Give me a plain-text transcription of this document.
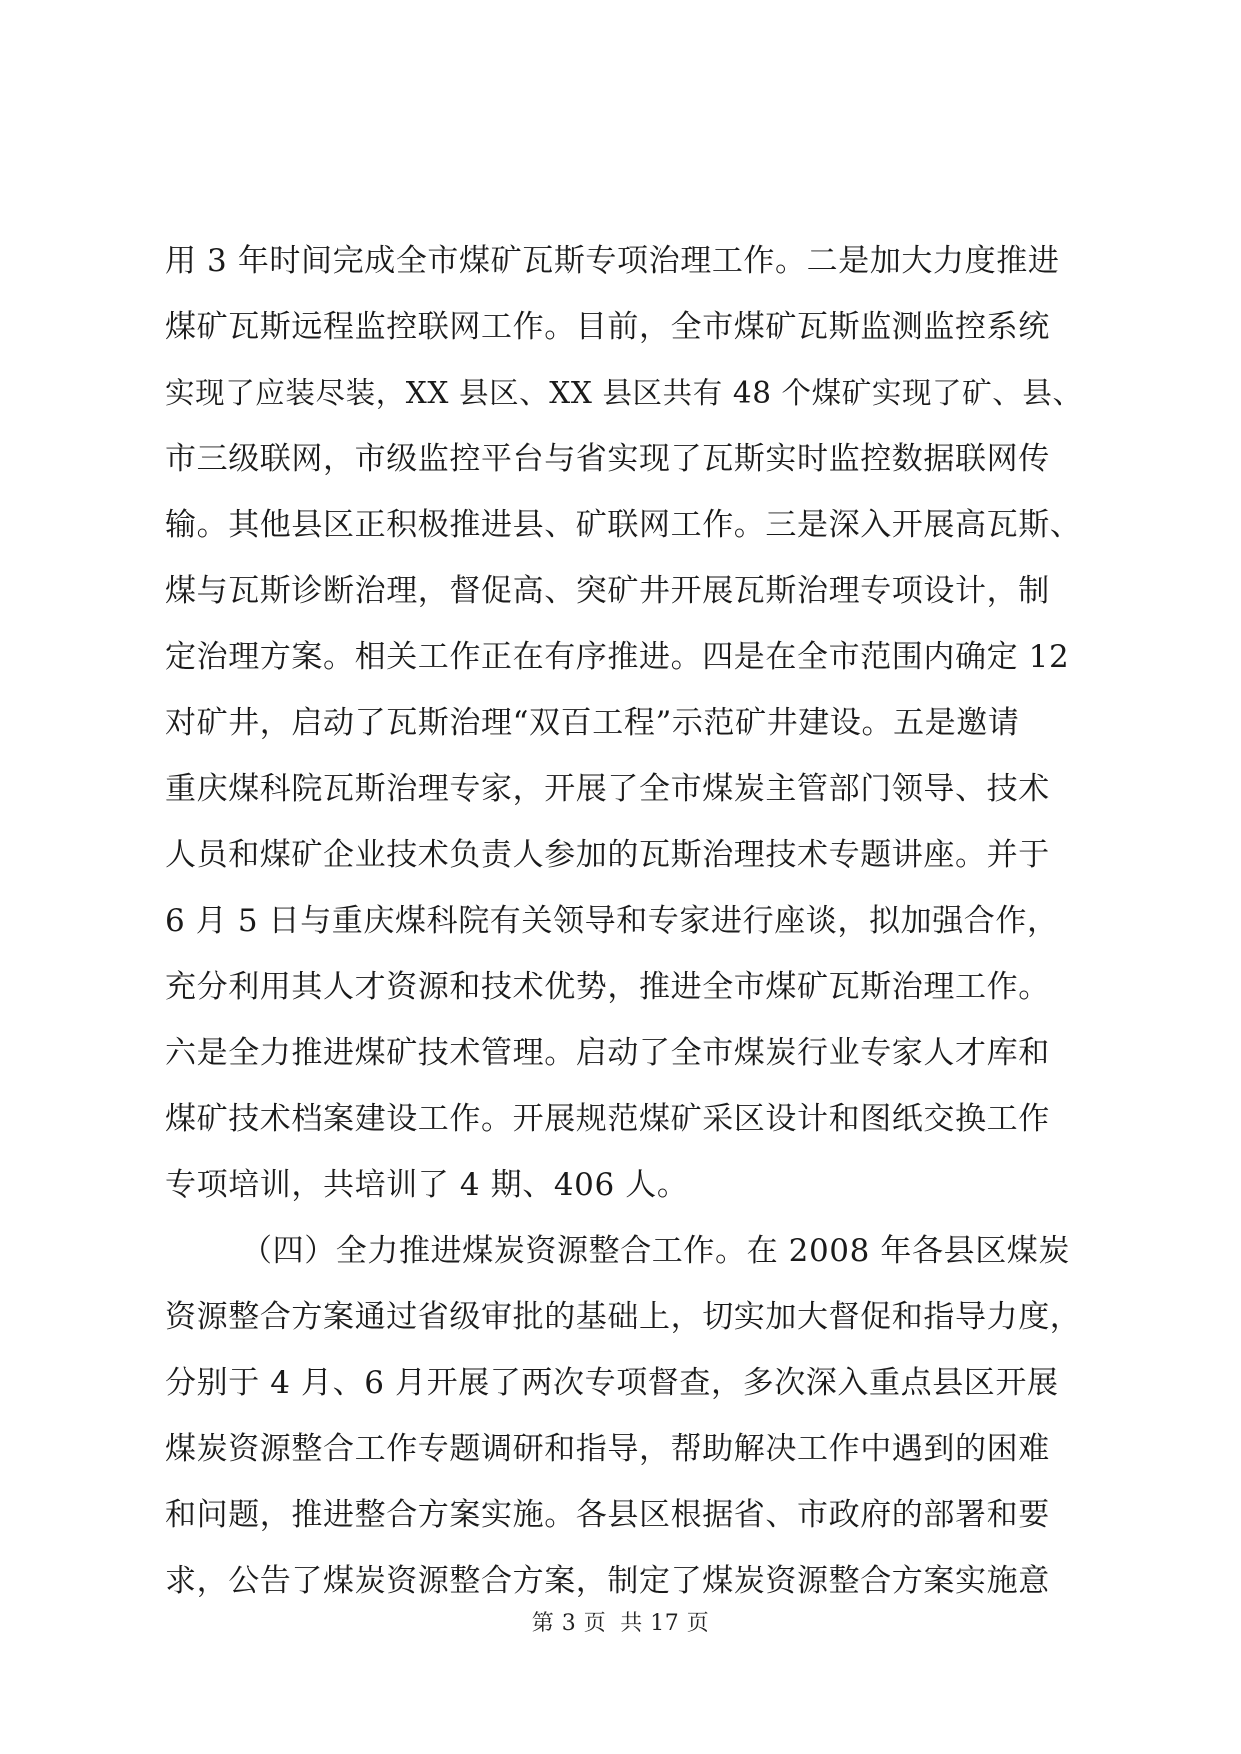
用 3 年时间完成全市煤矿瓦斯专项治理工作。二是加大力度推进
煤矿瓦斯远程监控联网工作。目前，全市煤矿瓦斯监测监控系统
实现了应装尽装，XX 县区、XX 县区共有 48 个煤矿实现了矿、县、
市三级联网，市级监控平台与省实现了瓦斯实时监控数据联网传
输。其他县区正积极推进县、矿联网工作。三是深入开展高瓦斯、
煤与瓦斯诊断治理，督促高、突矿井开展瓦斯治理专项设计，制
定治理方案。相关工作正在有序推进。四是在全市范围内确定 12
对矿井，启动了瓦斯治理“双百工程”示范矿井建设。五是邀请
重庆煤科院瓦斯治理专家，开展了全市煤炭主管部门领导、技术
人员和煤矿企业技术负责人参加的瓦斯治理技术专题讲座。并于
6 月 5 日与重庆煤科院有关领导和专家进行座谈，拟加强合作，
充分利用其人才资源和技术优势，推进全市煤矿瓦斯治理工作。
六是全力推进煤矿技术管理。启动了全市煤炭行业专家人才库和
煤矿技术档案建设工作。开展规范煤矿采区设计和图纸交换工作
专项培训，共培训了 4 期、406 人。
（四）全力推进煤炭资源整合工作。在 2008 年各县区煤炭
资源整合方案通过省级审批的基础上，切实加大督促和指导力度，
分别于 4 月、6 月开展了两次专项督查，多次深入重点县区开展
煤炭资源整合工作专题调研和指导，帮助解决工作中遇到的困难
和问题，推进整合方案实施。各县区根据省、市政府的部署和要
求，公告了煤炭资源整合方案，制定了煤炭资源整合方案实施意
第 3 页 共 17 页
